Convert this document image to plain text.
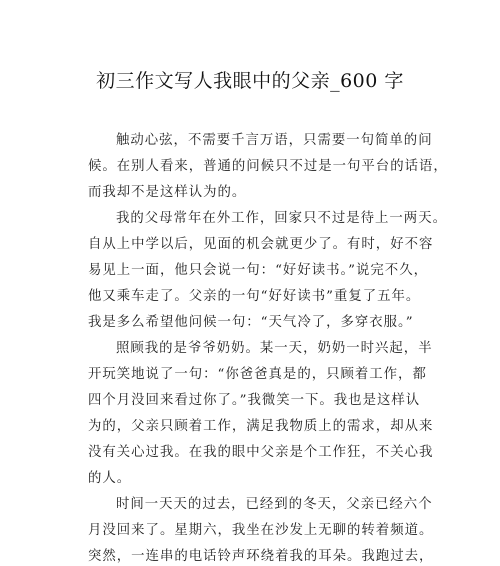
初三作文写人我眼中的父亲_600 字
触动心弦，不需要千言万语，只需要一句简单的问
候。在别人看来，普通的问候只不过是一句平台的话语，
而我却不是这样认为的。
我的父母常年在外工作，回家只不过是待上一两天。
自从上中学以后，见面的机会就更少了。有时，好不容
易见上一面，他只会说一句：“好好读书。”说完不久，
他又乘车走了。父亲的一句“好好读书”重复了五年。
我是多么希望他问候一句：“天气冷了，多穿衣服。”
照顾我的是爷爷奶奶。某一天，奶奶一时兴起，半
开玩笑地说了一句：“你爸爸真是的，只顾着工作，都
四个月没回来看过你了。”我微笑一下。我也是这样认
为的，父亲只顾着工作，满足我物质上的需求，却从来
没有关心过我。在我的眼中父亲是个工作狂，不关心我
的人。
时间一天天的过去，已经到的冬天，父亲已经六个
月没回来了。星期六，我坐在沙发上无聊的转着频道。
突然，一连串的电话铃声环绕着我的耳朵。我跑过去，
